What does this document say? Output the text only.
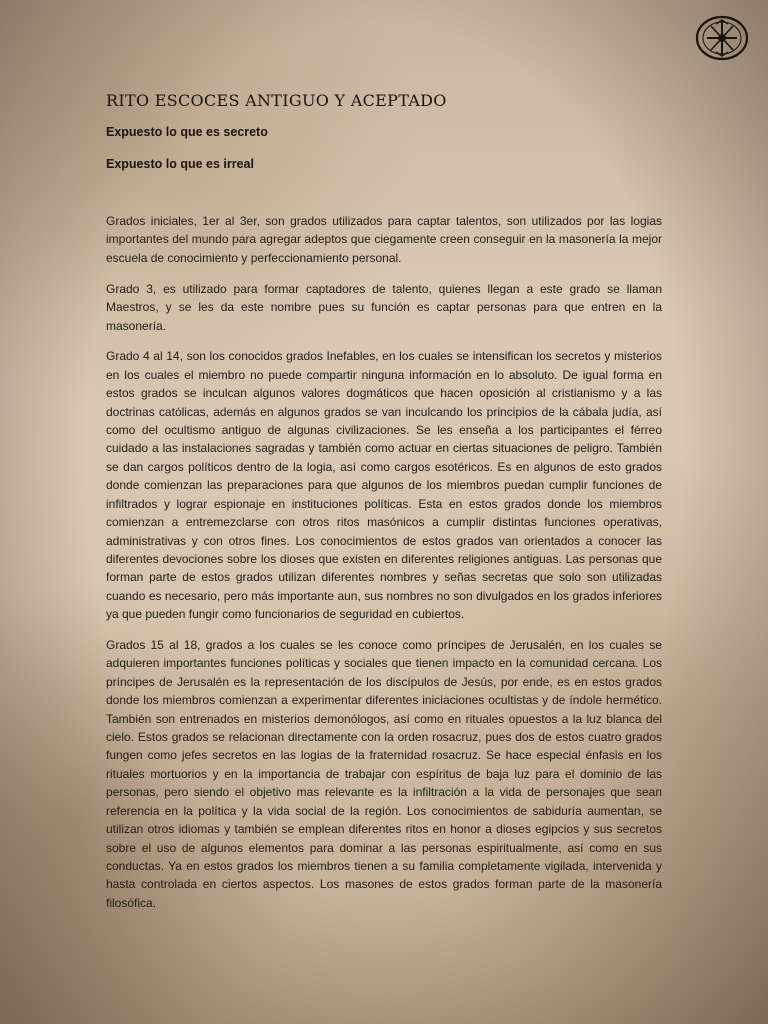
RITO ESCOCES ANTIGUO Y ACEPTADO
Expuesto lo que es secreto
Expuesto lo que es irreal

Grados iniciales, 1er al 3er, son grados utilizados para captar talentos, son utilizados por las logias importantes del mundo para agregar adeptos que ciegamente creen conseguir en la masonería la mejor escuela de conocimiento y perfeccionamiento personal.

Grado 3, es utilizado para formar captadores de talento, quienes llegan a este grado se llaman Maestros, y se les da este nombre pues su función es captar personas para que entren en la masonería.

Grado 4 al 14, son los conocidos grados Inefables, en los cuales se intensifican los secretos y misterios en los cuales el miembro no puede compartir ninguna información en lo absoluto. De igual forma en estos grados se inculcan algunos valores dogmáticos que hacen oposición al cristianismo y a las doctrinas católicas, además en algunos grados se van inculcando los principios de la cábala judía, así como del ocultismo antiguo de algunas civilizaciones. Se les enseña a los participantes el férreo cuidado a las instalaciones sagradas y también como actuar en ciertas situaciones de peligro. También se dan cargos políticos dentro de la logia, así como cargos esotéricos. Es en algunos de esto grados donde comienzan las preparaciones para que algunos de los miembros puedan cumplir funciones de infiltrados y lograr espionaje en instituciones políticas. Esta en estos grados donde los miembros comienzan a entremezclarse con otros ritos masónicos a cumplir distintas funciones operativas, administrativas y con otros fines. Los conocimientos de estos grados van orientados a conocer las diferentes devociones sobre los dioses que existen en diferentes religiones antiguas. Las personas que forman parte de estos grados utilizan diferentes nombres y señas secretas que solo son utilizadas cuando es necesario, pero más importante aun, sus nombres no son divulgados en los grados inferiores ya que pueden fungir como funcionarios de seguridad en cubiertos.

Grados 15 al 18, grados a los cuales se les conoce como príncipes de Jerusalén, en los cuales se adquieren importantes funciones políticas y sociales que tienen impacto en la comunidad cercana. Los príncipes de Jerusalén es la representación de los discípulos de Jesús, por ende, es en estos grados donde los miembros comienzan a experimentar diferentes iniciaciones ocultistas y de índole hermético. También son entrenados en misterios demonólogos, así como en rituales opuestos a la luz blanca del cielo. Estos grados se relacionan directamente con la orden rosacruz, pues dos de estos cuatro grados fungen como jefes secretos en las logias de la fraternidad rosacruz. Se hace especial énfasis en los rituales mortuorios y en la importancia de trabajar con espíritus de baja luz para el dominio de las personas, pero siendo el objetivo mas relevante es la infiltración a la vida de personajes que sean referencia en la política y la vida social de la región. Los conocimientos de sabiduría aumentan, se utilizan otros idiomas y también se emplean diferentes ritos en honor a dioses egipcios y sus secretos sobre el uso de algunos elementos para dominar a las personas espiritualmente, así como en sus conductas. Ya en estos grados los miembros tienen a su familia completamente vigilada, intervenida y hasta controlada en ciertos aspectos. Los masones de estos grados forman parte de la masonería filosófica.
